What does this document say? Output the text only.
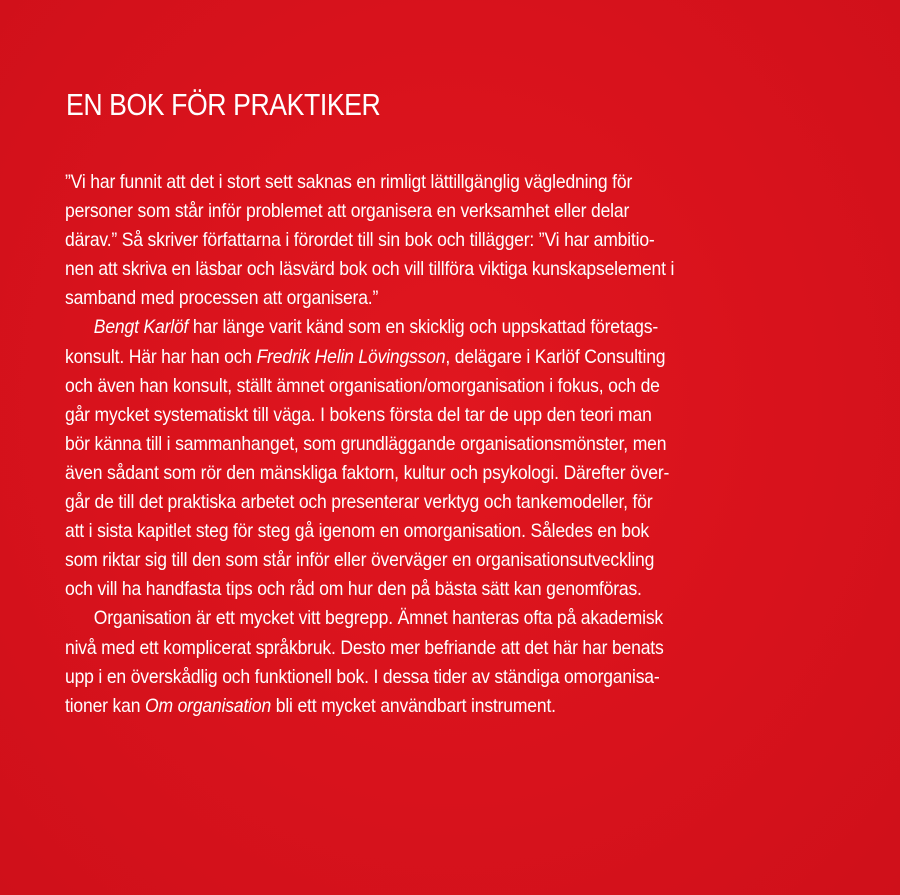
EN BOK FÖR PRAKTIKER
”Vi har funnit att det i stort sett saknas en rimligt lättillgänglig vägledning för
personer som står inför problemet att organisera en verksamhet eller delar
därav.” Så skriver författarna i förordet till sin bok och tillägger: ”Vi har ambitio-
nen att skriva en läsbar och läsvärd bok och vill tillföra viktiga kunskapselement i
samband med processen att organisera.”
Bengt Karlöf har länge varit känd som en skicklig och uppskattad företags-
konsult. Här har han och Fredrik Helin Lövingsson, delägare i Karlöf Consulting
och även han konsult, ställt ämnet organisation/omorganisation i fokus, och de
går mycket systematiskt till väga. I bokens första del tar de upp den teori man
bör känna till i sammanhanget, som grundläggande organisationsmönster, men
även sådant som rör den mänskliga faktorn, kultur och psykologi. Därefter över-
går de till det praktiska arbetet och presenterar verktyg och tankemodeller, för
att i sista kapitlet steg för steg gå igenom en omorganisation. Således en bok
som riktar sig till den som står inför eller överväger en organisationsutveckling
och vill ha handfasta tips och råd om hur den på bästa sätt kan genomföras.
Organisation är ett mycket vitt begrepp. Ämnet hanteras ofta på akademisk
nivå med ett komplicerat språkbruk. Desto mer befriande att det här har benats
upp i en överskådlig och funktionell bok. I dessa tider av ständiga omorganisa-
tioner kan Om organisation bli ett mycket användbart instrument.
